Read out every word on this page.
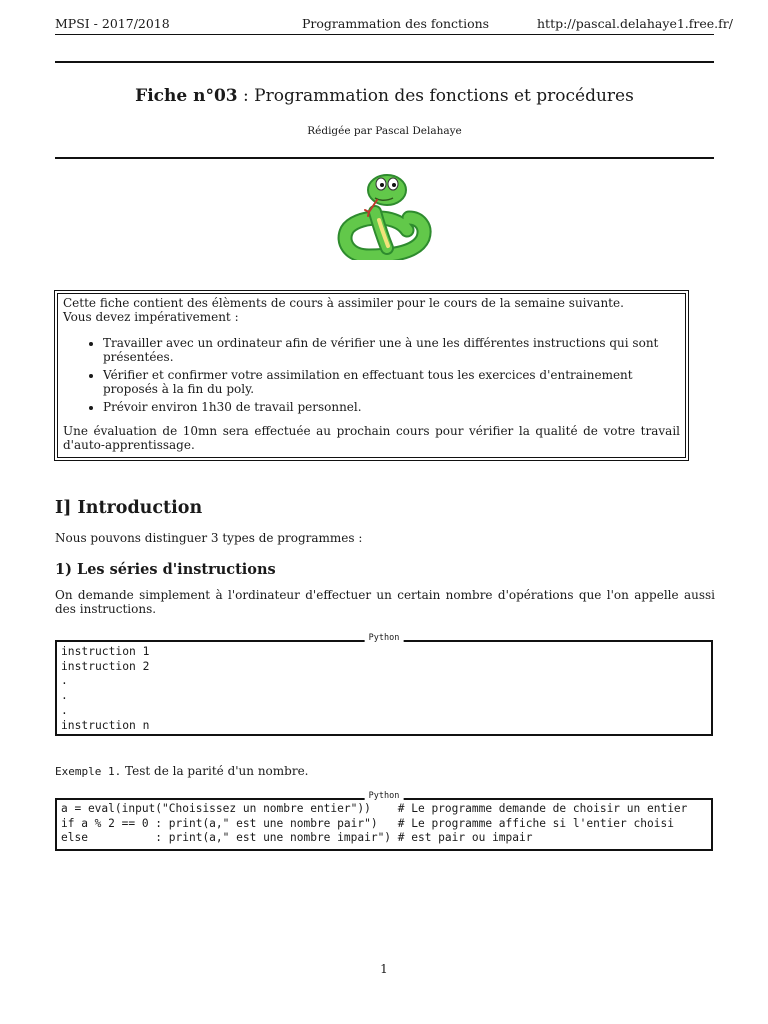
MPSI - 2017/2018	Programmation des fonctions	http://pascal.delahaye1.free.fr/
Fiche n°03 : Programmation des fonctions et procédures
Rédigée par Pascal Delahaye

Cette fiche contient des élèments de cours à assimiler pour le cours de la semaine suivante.

Vous devez impérativement :

• Travailler avec un ordinateur afin de vérifier une à une les différentes instructions qui sont présentées.
• Vérifier et confirmer votre assimilation en effectuant tous les exercices d'entrainement proposés à la fin du poly.
• Prévoir environ 1h30 de travail personnel.

Une évaluation de 10mn sera effectuée au prochain cours pour vérifier la qualité de votre travail d'auto-apprentissage.

I] Introduction
Nous pouvons distinguer 3 types de programmes :
1) Les séries d'instructions
On demande simplement à l'ordinateur d'effectuer un certain nombre d'opérations que l'on appelle aussi des instructions.
Python
instruction 1
instruction 2
.
.
.
instruction n
Exemple 1. Test de la parité d'un nombre.
Python
a = eval(input("Choisissez un nombre entier"))    # Le programme demande de choisir un entier
if a % 2 == 0 : print(a," est une nombre pair")   # Le programme affiche si l'entier choisi
else          : print(a," est une nombre impair") # est pair ou impair
1
